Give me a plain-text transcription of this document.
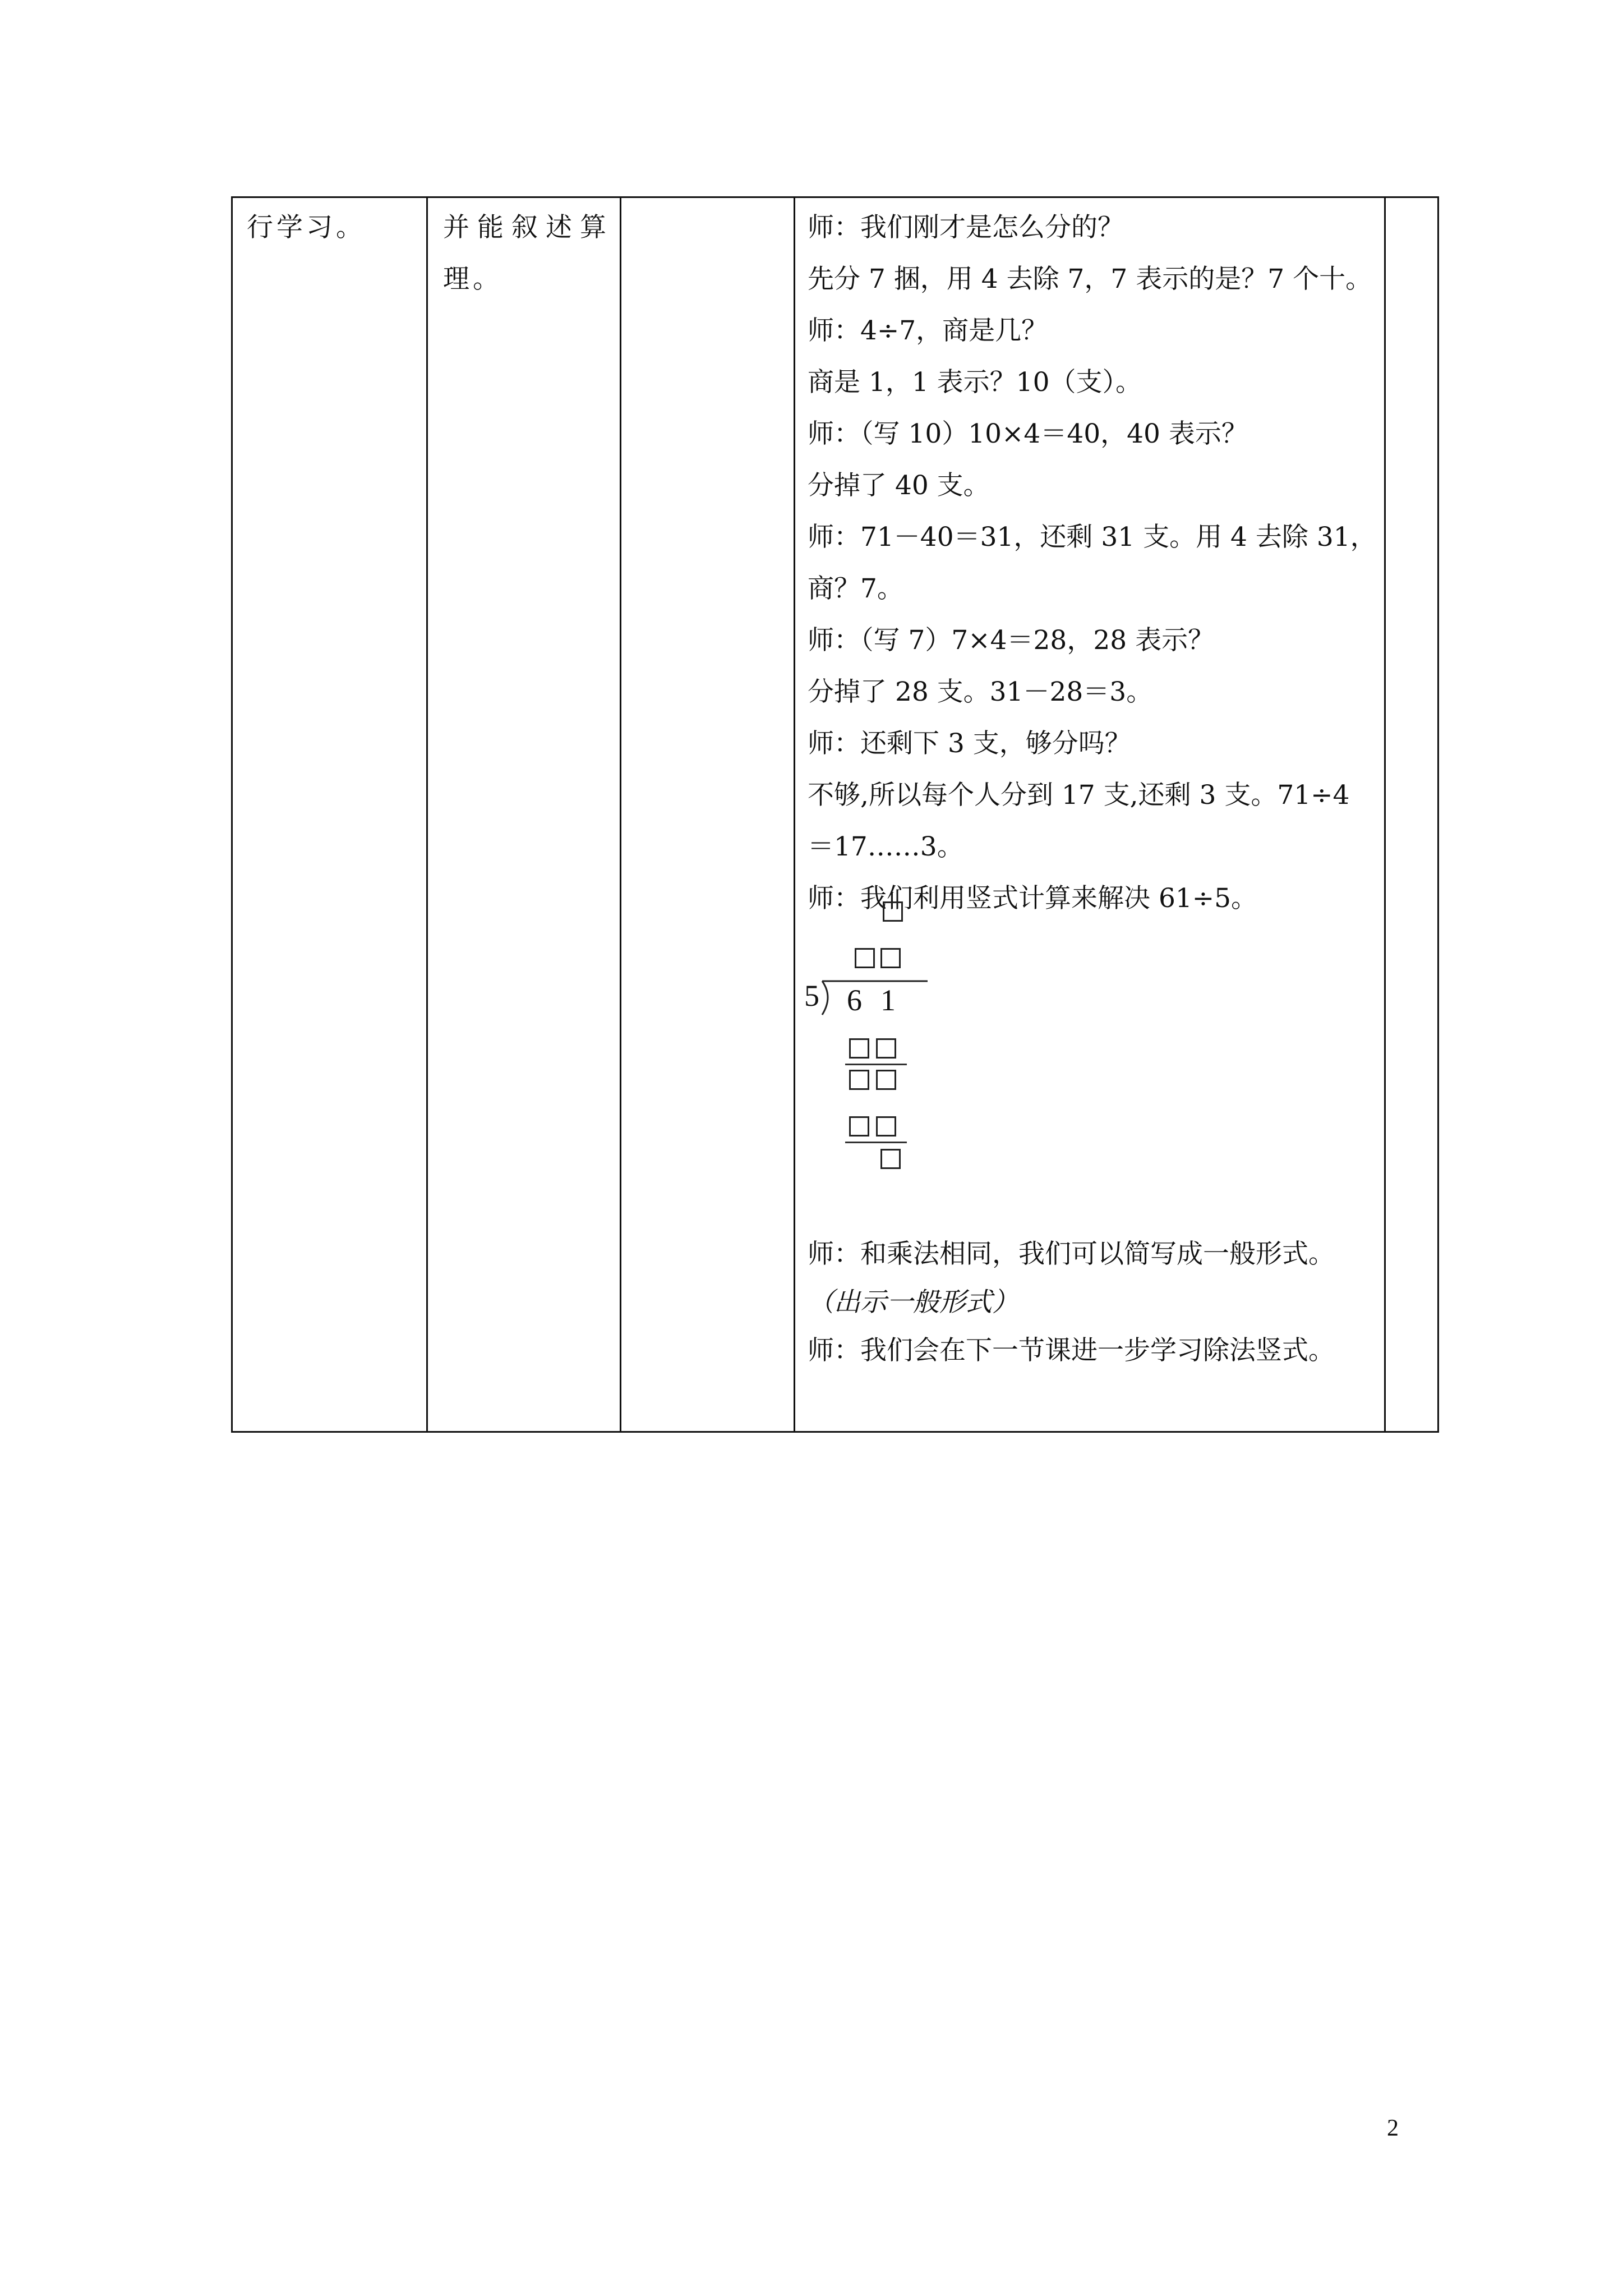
行学习。	并能叙述算
理。
师：我们刚才是怎么分的？
先分 7 捆，用 4 去除 7，7 表示的是？7 个十。
师：4÷7，商是几？
商是 1，1 表示？10（支）。
师：（写 10）10×4＝40，40 表示？
分掉了 40 支。
师：71－40＝31，还剩 31 支。用 4 去除 31，
商？7。
师：（写 7）7×4＝28，28 表示？
分掉了 28 支。31－28＝3。
师：还剩下 3 支，够分吗？
不够,所以每个人分到 17 支,还剩 3 支。71÷4
＝17……3。
师：我们利用竖式计算来解决 61÷5。
5 6 1
师：和乘法相同，我们可以简写成一般形式。
（出示一般形式）
师：我们会在下一节课进一步学习除法竖式。
2
